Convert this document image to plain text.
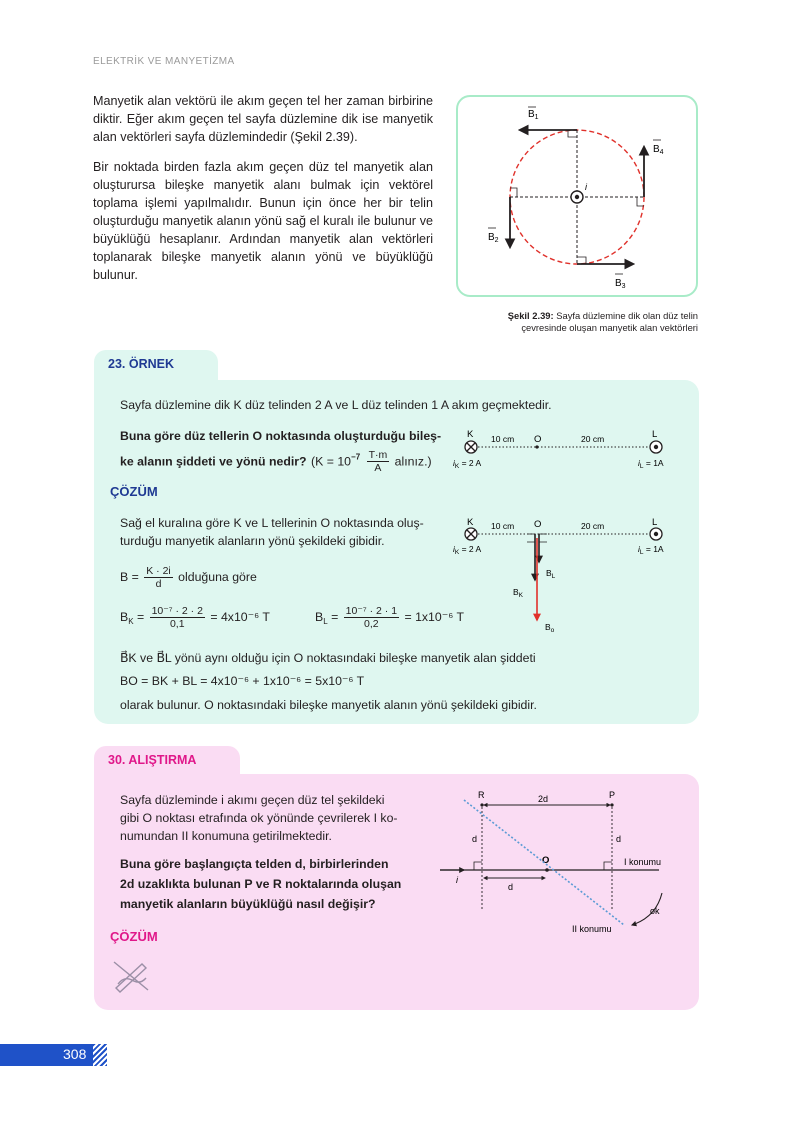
ELEKTRİK VE MANYETİZMA
Manyetik alan vektörü ile akım geçen tel her zaman birbirine diktir. Eğer akım geçen tel sayfa düzlemine dik ise manyetik alan vektörleri sayfa düzlemindedir (Şekil 2.39).
Bir noktada birden fazla akım geçen düz tel manyetik alan oluşturursa bileşke manyetik alanı bulmak için vektörel toplama işlemi yapılmalıdır. Bunun için önce her bir telin oluşturduğu manyetik alanın yönü sağ el kuralı ile bulunur ve büyüklüğü hesaplanır. Ardından manyetik alan vektörleri toplanarak bileşke manyetik alanın yönü ve büyüklüğü bulunur.
i
$B_1$
$B_2$
$B_3$
$B_4$
Şekil 2.39: Sayfa düzlemine dik olan düz telin
çevresinde oluşan manyetik alan vektörleri
23. ÖRNEK
Sayfa düzlemine dik K düz telinden 2 A ve L düz telinden 1 A akım geçmektedir.
Buna göre düz tellerin O noktasında oluşturduğu bileş-
ke alanın şiddeti ve yönü nedir? ($K = 10^{-7} \frac{T\cdot m}{A}$ alınız.)
K	O	L
10 cm	20 cm
$i_K = 2$ A	$i_L = 1A$
ÇÖZÜM
Sağ el kuralına göre K ve L tellerinin O noktasında oluş-
turduğu manyetik alanların yönü şekildeki gibidir.
K	O	L
10 cm	20 cm
$i_K = 2$ A	$i_L = 1A$
$B_L$
$B_K$
$B_o$
$B = \frac{K \cdot 2i}{d}$ olduğuna göre
$B_K = \frac{\text{10⁻⁷ · 2 · 2}}{0,1} = 4x10^{-6}$ T	$B_L = \frac{\text{10⁻⁷ · 2 · 1}}{0,2} = 1x10^{-6}$ T
B⃗K ve B⃗L yönü aynı olduğu için O noktasındaki bileşke manyetik alan şiddeti
BO = BK + BL = 4x10⁻⁶ + 1x10⁻⁶ = 5x10⁻⁶ T
olarak bulunur. O noktasındaki bileşke manyetik alanın yönü şekildeki gibidir.
30. ALIŞTIRMA
Sayfa düzleminde i akımı geçen düz tel şekildeki
gibi O noktası etrafında ok yönünde çevrilerek I ko-
numundan II konumuna getirilmektedir.
Buna göre başlangıçta telden d, birbirlerinden
2d uzaklıkta bulunan P ve R noktalarında oluşan
manyetik alanların büyüklüğü nasıl değişir?
R	P
2d
d	d
i
O	I konumu
d
ok
II konumu
ÇÖZÜM
308
